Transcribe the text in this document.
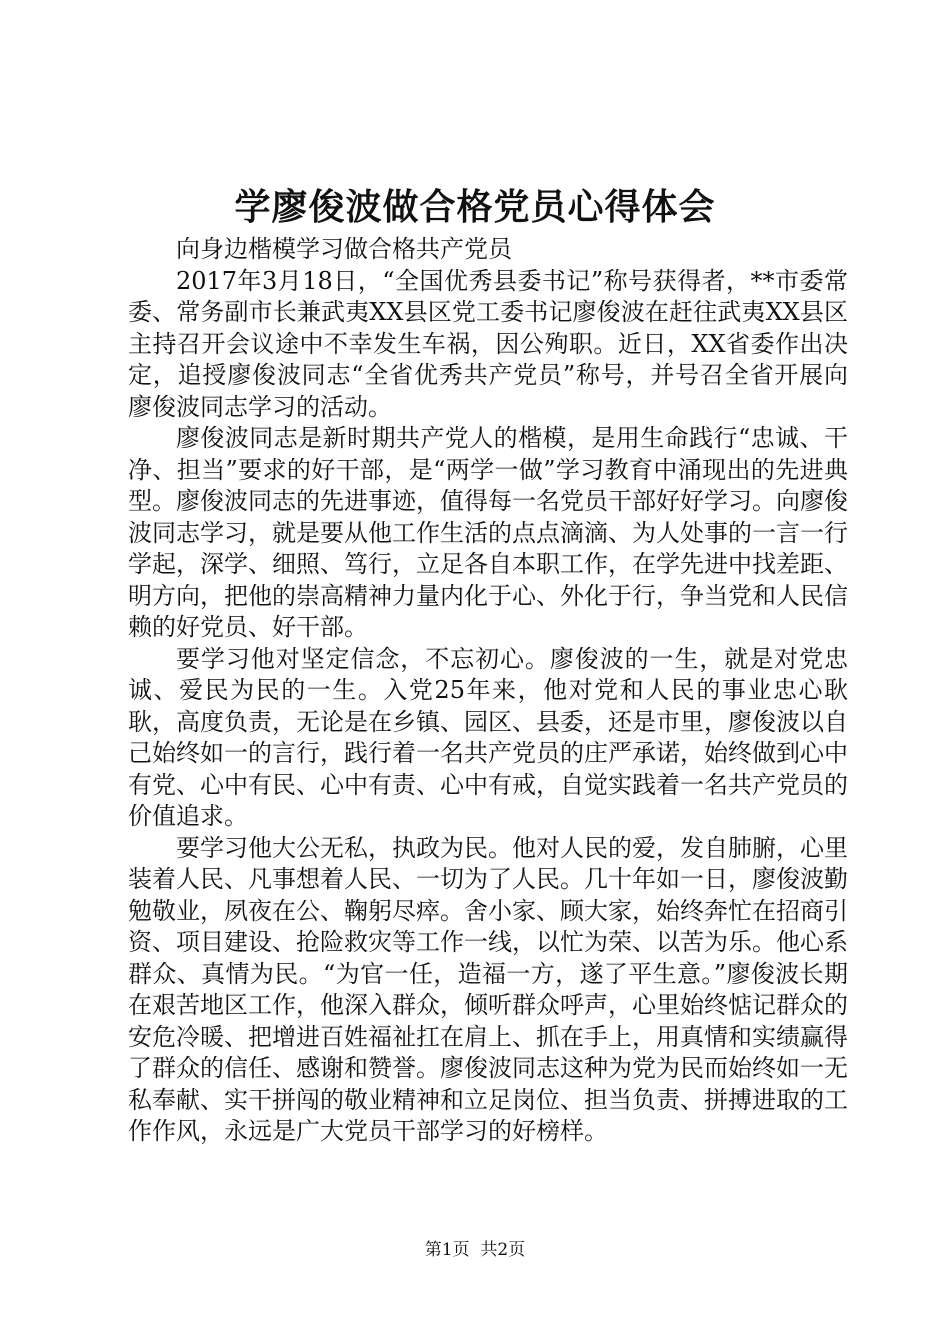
学廖俊波做合格党员心得体会

向身边楷模学习做合格共产党员

2017年3月18日，“全国优秀县委书记”称号获得者，**市委常委、常务副市长兼武夷XX县区党工委书记廖俊波在赶往武夷XX县区主持召开会议途中不幸发生车祸，因公殉职。近日，XX省委作出决定，追授廖俊波同志“全省优秀共产党员”称号，并号召全省开展向廖俊波同志学习的活动。

廖俊波同志是新时期共产党人的楷模，是用生命践行“忠诚、干净、担当”要求的好干部，是“两学一做”学习教育中涌现出的先进典型。廖俊波同志的先进事迹，值得每一名党员干部好好学习。向廖俊波同志学习，就是要从他工作生活的点点滴滴、为人处事的一言一行学起，深学、细照、笃行，立足各自本职工作，在学先进中找差距、明方向，把他的崇高精神力量内化于心、外化于行，争当党和人民信赖的好党员、好干部。

要学习他对坚定信念，不忘初心。廖俊波的一生，就是对党忠诚、爱民为民的一生。入党25年来，他对党和人民的事业忠心耿耿，高度负责，无论是在乡镇、园区、县委，还是市里，廖俊波以自己始终如一的言行，践行着一名共产党员的庄严承诺，始终做到心中有党、心中有民、心中有责、心中有戒，自觉实践着一名共产党员的价值追求。

要学习他大公无私，执政为民。他对人民的爱，发自肺腑，心里装着人民、凡事想着人民、一切为了人民。几十年如一日，廖俊波勤勉敬业，夙夜在公、鞠躬尽瘁。舍小家、顾大家，始终奔忙在招商引资、项目建设、抢险救灾等工作一线，以忙为荣、以苦为乐。他心系群众、真情为民。“为官一任，造福一方，遂了平生意。”廖俊波长期在艰苦地区工作，他深入群众，倾听群众呼声，心里始终惦记群众的安危冷暖、把增进百姓福祉扛在肩上、抓在手上，用真情和实绩赢得了群众的信任、感谢和赞誉。廖俊波同志这种为党为民而始终如一无私奉献、实干拼闯的敬业精神和立足岗位、担当负责、拼搏进取的工作作风，永远是广大党员干部学习的好榜样。

第1页 共2页
